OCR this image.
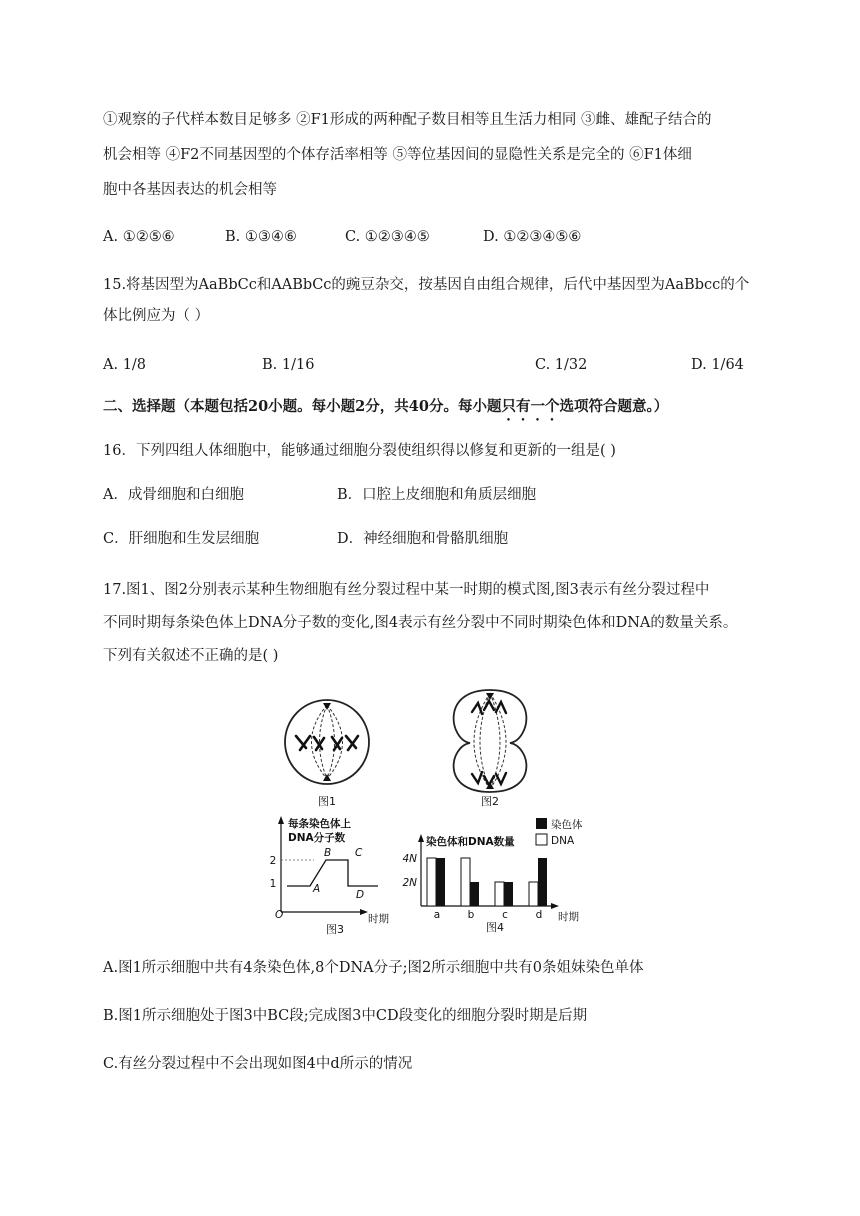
①观察的子代样本数目足够多 ②F1形成的两种配子数目相等且生活力相同 ③雌、雄配子结合的
机会相等 ④F2不同基因型的个体存活率相等 ⑤等位基因间的显隐性关系是完全的 ⑥F1体细
胞中各基因表达的机会相等
A. ①②⑤⑥	B. ①③④⑥	C. ①②③④⑤	D. ①②③④⑤⑥
15.将基因型为AaBbCc和AABbCc的豌豆杂交，按基因自由组合规律，后代中基因型为AaBbcc的个
体比例应为（ ）
A. 1/8	B. 1/16	C. 1/32	D. 1/64
二、选择题（本题包括20小题。每小题2分，共40分。每小题只有一个选项符合题意。）
16．下列四组人体细胞中，能够通过细胞分裂使组织得以修复和更新的一组是( )
A．成骨细胞和白细胞	B．口腔上皮细胞和角质层细胞
C．肝细胞和生发层细胞	D．神经细胞和骨骼肌细胞
17.图1、图2分别表示某种生物细胞有丝分裂过程中某一时期的模式图,图3表示有丝分裂过程中
不同时期每条染色体上DNA分子数的变化,图4表示有丝分裂中不同时期染色体和DNA的数量关系。
下列有关叙述不正确的是( )
图1	图2
每条染色体上
DNA分子数
2
1	A
B C
D
O	时期
图3
染色体和DNA数量
4N
2N
a	b	c	d 时期
图4
染色体
DNA
A.图1所示细胞中共有4条染色体,8个DNA分子;图2所示细胞中共有0条姐妹染色单体
B.图1所示细胞处于图3中BC段;完成图3中CD段变化的细胞分裂时期是后期
C.有丝分裂过程中不会出现如图4中d所示的情况
